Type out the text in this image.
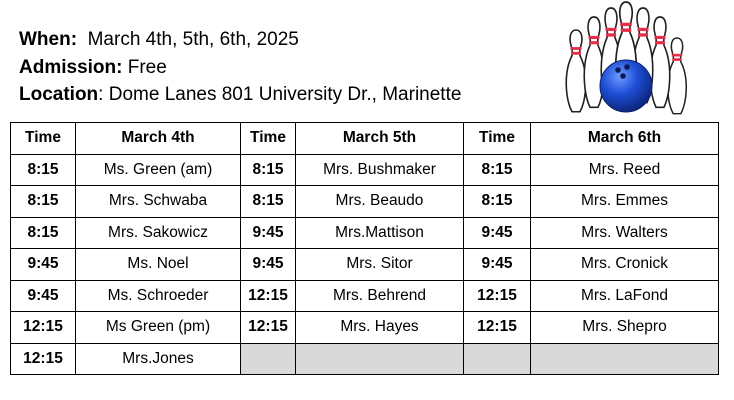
When: March 4th, 5th, 6th, 2025
Admission: Free
Location: Dome Lanes 801 University Dr., Marinette
Time	March 4th	Time	March 5th	Time	March 6th
8:15	Ms. Green (am)	8:15	Mrs. Bushmaker	8:15	Mrs. Reed
8:15	Mrs. Schwaba	8:15	Mrs. Beaudo	8:15	Mrs. Emmes
8:15	Mrs. Sakowicz	9:45	Mrs.Mattison	9:45	Mrs. Walters
9:45	Ms. Noel	9:45	Mrs. Sitor	9:45	Mrs. Cronick
9:45	Ms. Schroeder	12:15	Mrs. Behrend	12:15	Mrs. LaFond
12:15	Ms Green (pm)	12:15	Mrs. Hayes	12:15	Mrs. Shepro
12:15	Mrs.Jones				
